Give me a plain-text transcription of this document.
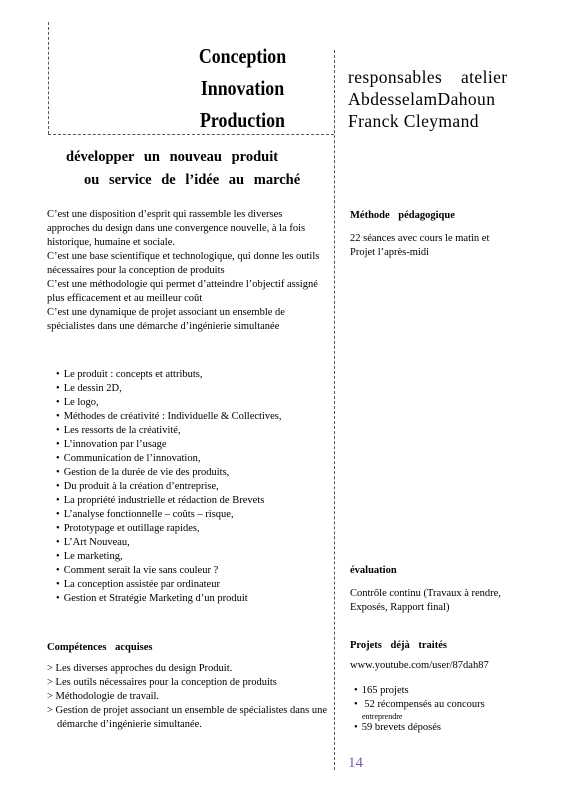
Conception
Innovation
Production
responsables atelier
AbdesselamDahoun
Franck Cleymand
développer un nouveau produit
ou service de l’idée au marché

C’est une disposition d’esprit qui rassemble les diverses approches du design dans une convergence nouvelle, à la fois historique, humaine et sociale.

C’est une base scientifique et technologique, qui donne les outils nécessaires pour la conception de produits

C’est une méthodologie qui permet d’atteindre l’objectif assigné plus efficacement et au meilleur coût

C’est une dynamique de projet associant un ensemble de spécialistes dans une démarche d’ingénierie simultanée

• Le produit : concepts et attributs,
• Le dessin 2D,
• Le logo,
• Méthodes de créativité : Individuelle & Collectives,
• Les ressorts de la créativité,
• L’innovation par l’usage
• Communication de l’innovation,
• Gestion de la durée de vie des produits,
• Du produit à la création d’entreprise,
• La propriété industrielle et rédaction de Brevets
• L’analyse fonctionnelle – coûts – risque,
• Prototypage et outillage rapides,
• L’Art Nouveau,
• Le marketing,
• Comment serait la vie sans couleur ?
• La conception assistée par ordinateur
• Gestion et Stratégie Marketing d’un produit
Compétences acquises
> Les diverses approches du design Produit.
> Les outils nécessaires pour la conception de produits
> Méthodologie de travail.
> Gestion de projet associant un ensemble de spécialistes dans une démarche d’ingénierie simultanée.
Méthode pédagogique
22 séances avec cours le matin et
Projet l’après-midi
évaluation
Contrôle continu (Travaux à rendre,
Exposés, Rapport final)
Projets déjà traités
www.youtube.com/user/87dah87
• 165 projets
• 52 récompensés au concours
entreprendre
• 59 brevets déposés
14
